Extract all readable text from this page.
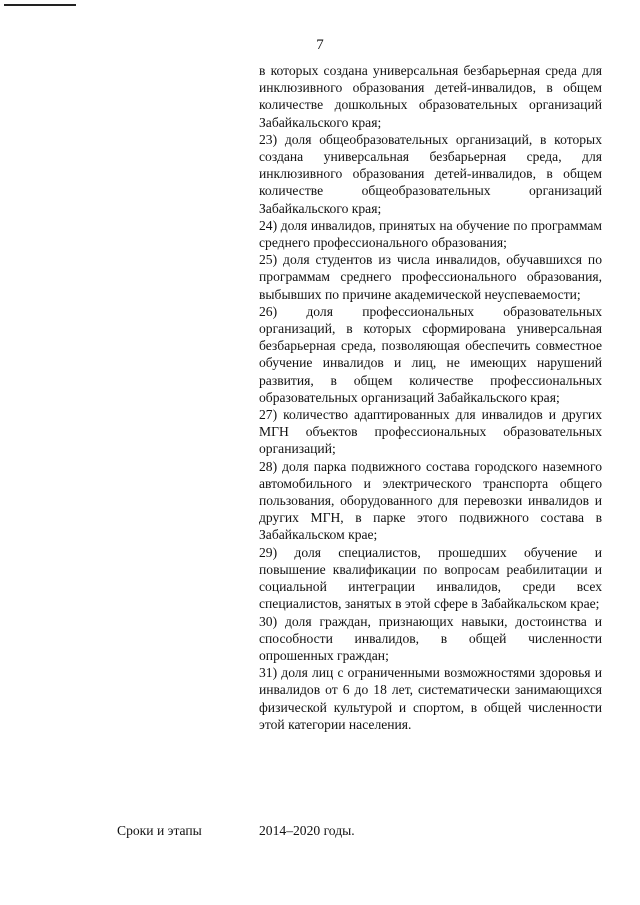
7

в которых создана универсальная безбарьерная среда для инклюзивного образования детей-инвалидов, в общем количестве дошкольных образовательных организаций Забайкальского края;

23) доля общеобразовательных организаций, в которых создана универсальная безбарьерная среда, для инклюзивного образования детей-инвалидов, в общем количестве общеобразовательных организаций Забайкальского края;

24) доля инвалидов, принятых на обучение по программам среднего профессионального образования;

25) доля студентов из числа инвалидов, обучавшихся по программам среднего профессионального образования, выбывших по причине академической неуспеваемости;

26) доля профессиональных образовательных организаций, в которых сформирована универсальная безбарьерная среда, позволяющая обеспечить совместное обучение инвалидов и лиц, не имеющих нарушений развития, в общем количестве профессиональных образовательных организаций Забайкальского края;

27) количество адаптированных для инвалидов и других МГН объектов профессиональных образовательных организаций;

28) доля парка подвижного состава городского наземного автомобильного и электрического транспорта общего пользования, оборудованного для перевозки инвалидов и других МГН, в парке этого подвижного состава в Забайкальском крае;

29) доля специалистов, прошедших обучение и повышение квалификации по вопросам реабилитации и социальной интеграции инвалидов, среди всех специалистов, занятых в этой сфере в Забайкальском крае;

30) доля граждан, признающих навыки, достоинства и способности инвалидов, в общей численности опрошенных граждан;

31) доля лиц с ограниченными возможностями здоровья и инвалидов от 6 до 18 лет, систематически занимающихся физической культурой и спортом, в общей численности этой категории населения.

Сроки и этапы	2014–2020 годы.
